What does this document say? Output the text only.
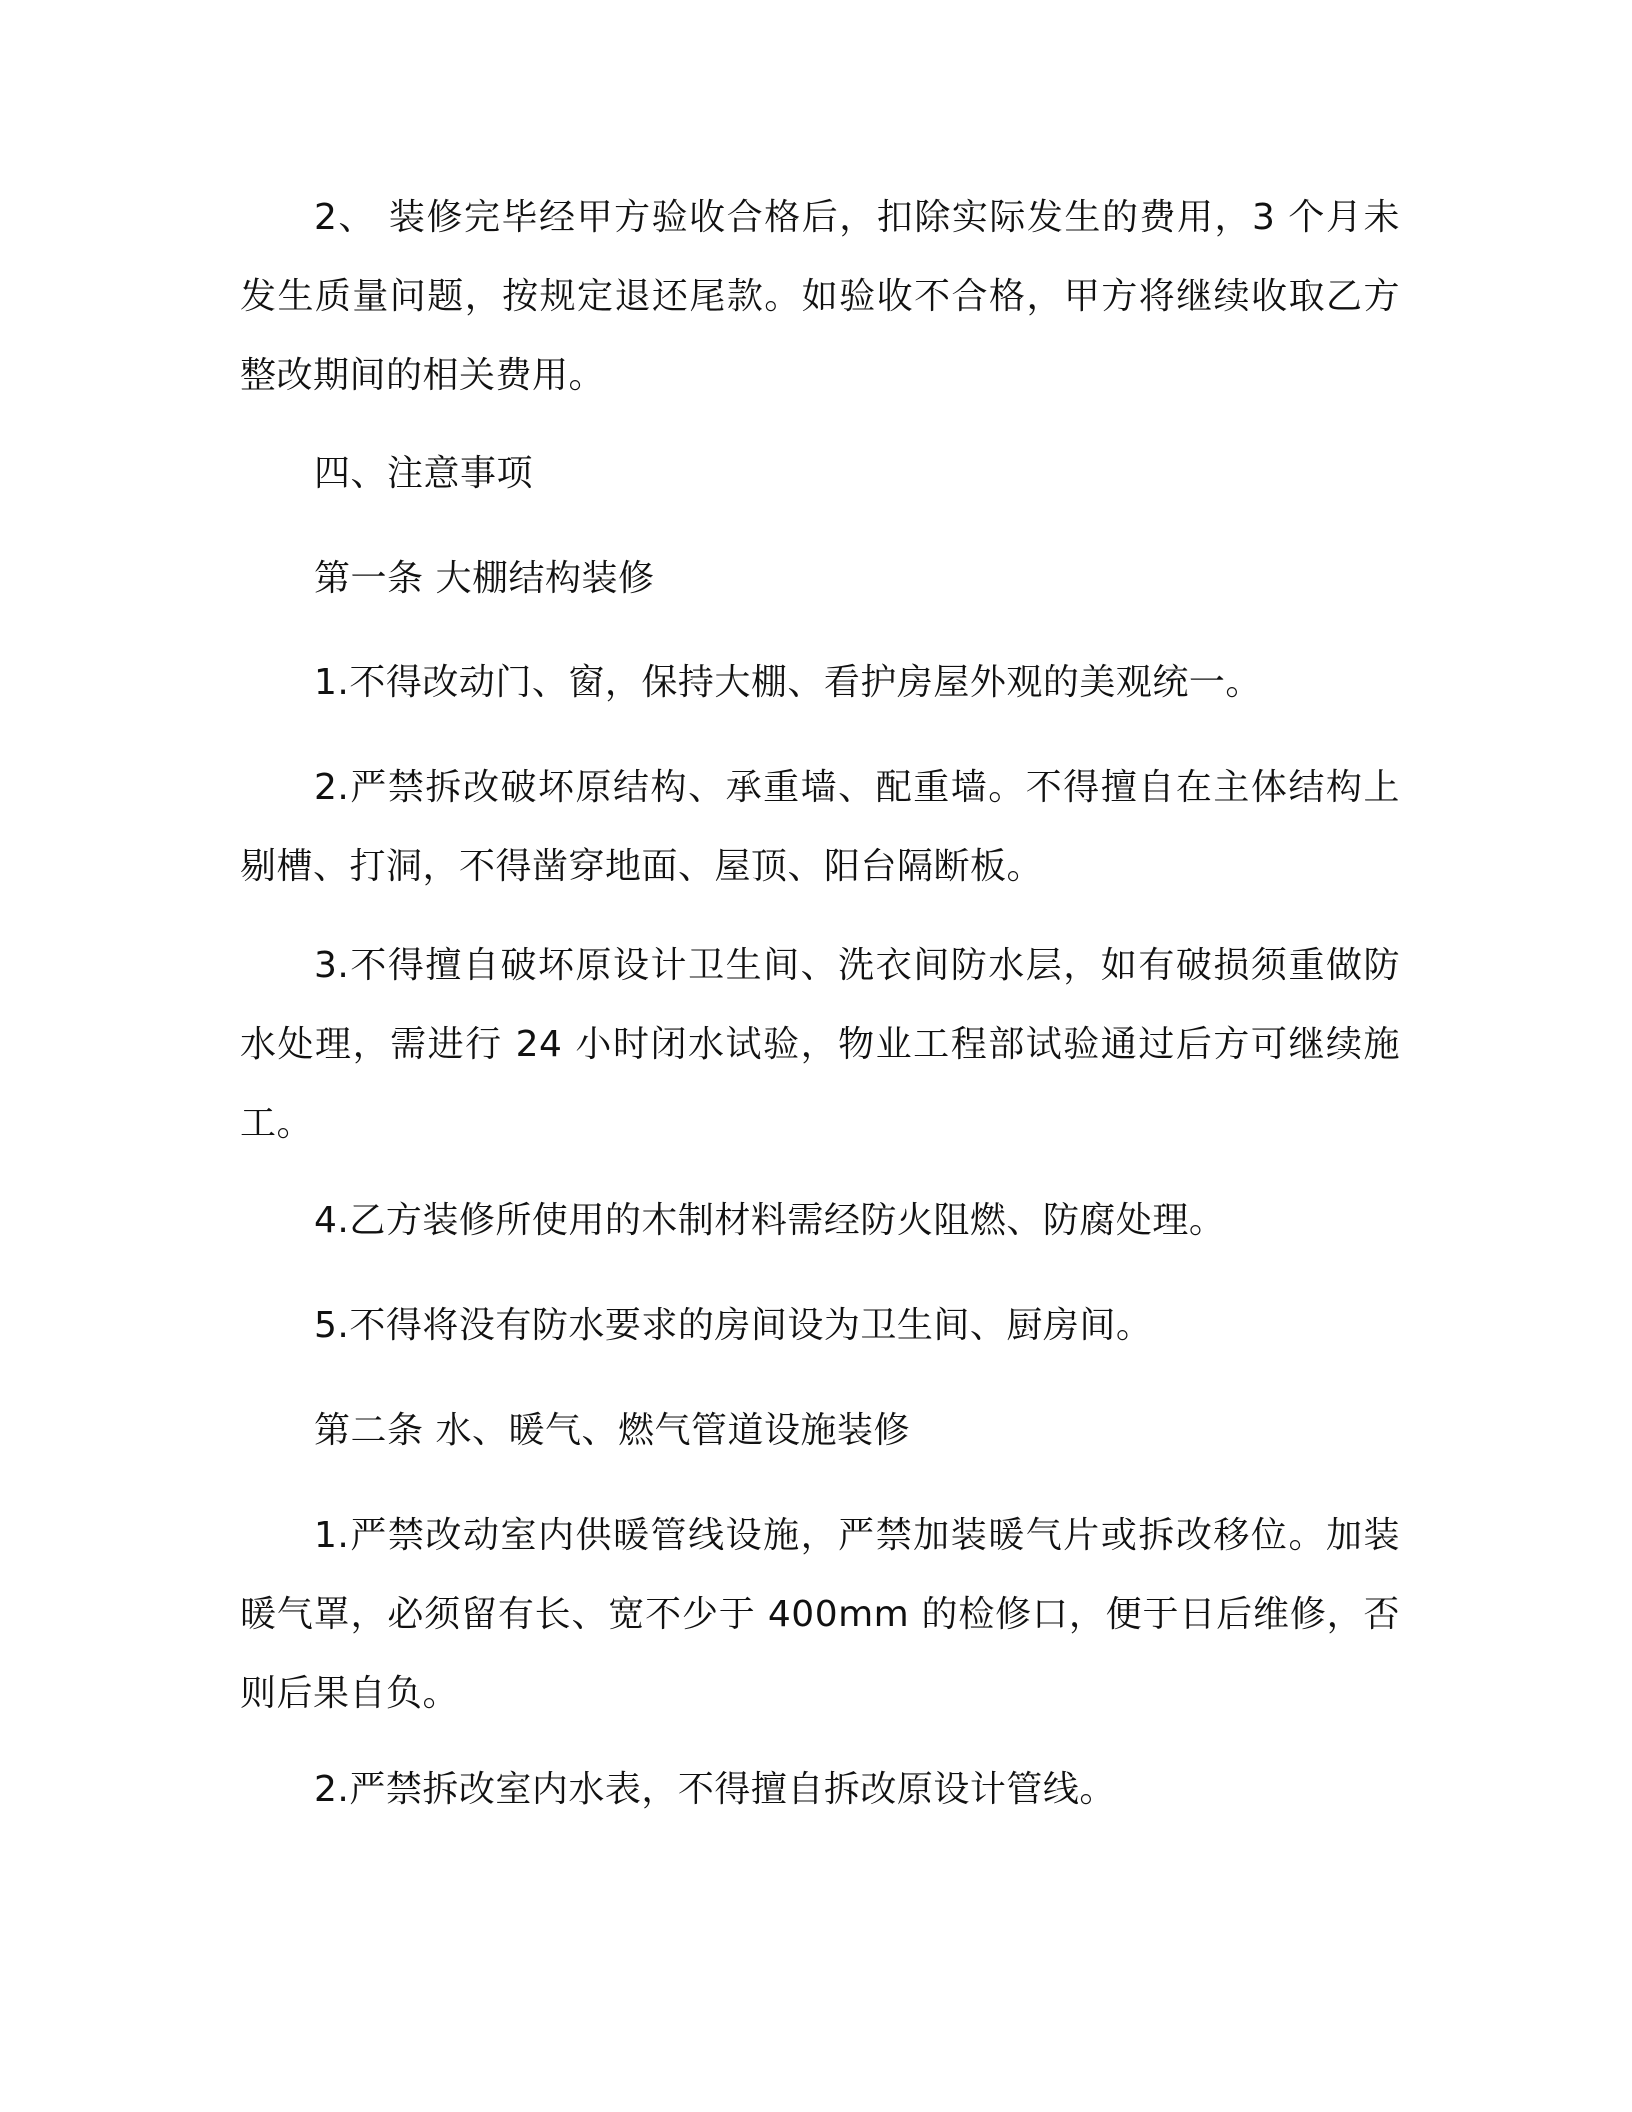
2、 装修完毕经甲方验收合格后，扣除实际发生的费用，3 个月未发生质量问题，按规定退还尾款。如验收不合格，甲方将继续收取乙方整改期间的相关费用。

四、注意事项

第一条 大棚结构装修

1.不得改动门、窗，保持大棚、看护房屋外观的美观统一。

2.严禁拆改破坏原结构、承重墙、配重墙。不得擅自在主体结构上剔槽、打洞，不得凿穿地面、屋顶、阳台隔断板。

3.不得擅自破坏原设计卫生间、洗衣间防水层，如有破损须重做防水处理，需进行 24 小时闭水试验，物业工程部试验通过后方可继续施工。

4.乙方装修所使用的木制材料需经防火阻燃、防腐处理。

5.不得将没有防水要求的房间设为卫生间、厨房间。

第二条 水、暖气、燃气管道设施装修

1.严禁改动室内供暖管线设施，严禁加装暖气片或拆改移位。加装暖气罩，必须留有长、宽不少于 400mm 的检修口，便于日后维修，否则后果自负。

2.严禁拆改室内水表，不得擅自拆改原设计管线。
